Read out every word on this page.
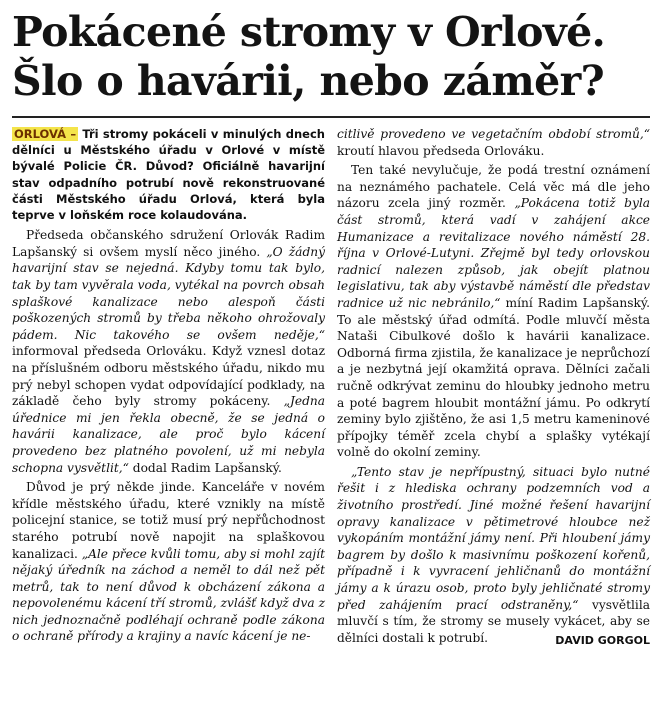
Pokácené stromy v Orlové.
Šlo o havárii, nebo záměr?

ORLOVÁ – Tři stromy pokáceli v minulých dnech dělníci u Městského úřadu v Orlové v místě bývalé Policie ČR. Důvod? Oficiálně havarijní stav odpadního potrubí nově rekonstruované části Městského úřadu Orlová, která byla teprve v loňském roce kolaudována.

Předseda občanského sdružení Orlovák Radim Lapšanský si ovšem myslí něco jiného. „O žádný havarijní stav se nejedná. Kdyby tomu tak bylo, tak by tam vyvěrala voda, vytékal na povrch obsah splaškové kanalizace nebo alespoň části poškozených stromů by třeba někoho ohrožovaly pádem. Nic takového se ovšem neděje,“ informoval předseda Orlováku. Když vznesl dotaz na příslušném odboru městského úřadu, nikdo mu prý nebyl schopen vydat odpovídající podklady, na základě čeho byly stromy pokáceny. „Jedna úřednice mi jen řekla obecně, že se jedná o havárii kanalizace, ale proč bylo kácení provedeno bez platného povolení, už mi nebyla schopna vysvětlit,“ dodal Radim Lapšanský.

Důvod je prý někde jinde. Kanceláře v novém křídle městského úřadu, které vznikly na místě policejní stanice, se totiž musí prý nepřůchodnost starého potrubí nově napojit na splaškovou kanalizaci. „Ale přece kvůli tomu, aby si mohl zajít nějaký úředník na záchod a neměl to dál než pět metrů, tak to není důvod k obcházení zákona a nepovolenému kácení tří stromů, zvlášť když dva z nich jednoznačně podléhají ochraně podle zákona o ochraně přírody a krajiny a navíc kácení je ne-

citlivě provedeno ve vegetačním období stromů,“ kroutí hlavou předseda Orlováku.

Ten také nevylučuje, že podá trestní oznámení na neznámého pachatele. Celá věc má dle jeho názoru zcela jiný rozměr. „Pokácena totiž byla část stromů, která vadí v zahájení akce Humanizace a revitalizace nového náměstí 28. října v Orlové-Lutyni. Zřejmě byl tedy orlovskou radnicí nalezen způsob, jak obejít platnou legislativu, tak aby výstavbě náměstí dle představ radnice už nic nebránilo,“ míní Radim Lapšanský. To ale městský úřad odmítá. Podle mluvčí města Nataši Cibulkové došlo k havárii kanalizace. Odborná firma zjistila, že kanalizace je neprůchozí a je nezbytná její okamžitá oprava. Dělníci začali ručně odkrývat zeminu do hloubky jednoho metru a poté bagrem hloubit montážní jámu. Po odkrytí zeminy bylo zjištěno, že asi 1,5 metru kameninové přípojky téměř zcela chybí a splašky vytékají volně do okolní zeminy.

„Tento stav je nepřípustný, situaci bylo nutné řešit i z hlediska ochrany podzemních vod a životního prostředí. Jiné možné řešení havarijní opravy kanalizace v pětimetrové hloubce než vykopáním montážní jámy není. Při hloubení jámy bagrem by došlo k masivnímu poškození kořenů, případně i k vyvracení jehličnanů do montážní jámy a k úrazu osob, proto byly jehličnaté stromy před zahájením prací odstraněny,“ vysvětlila mluvčí s tím, že stromy se musely vykácet, aby se dělníci dostali k potrubí.	DAVID GORGOL
